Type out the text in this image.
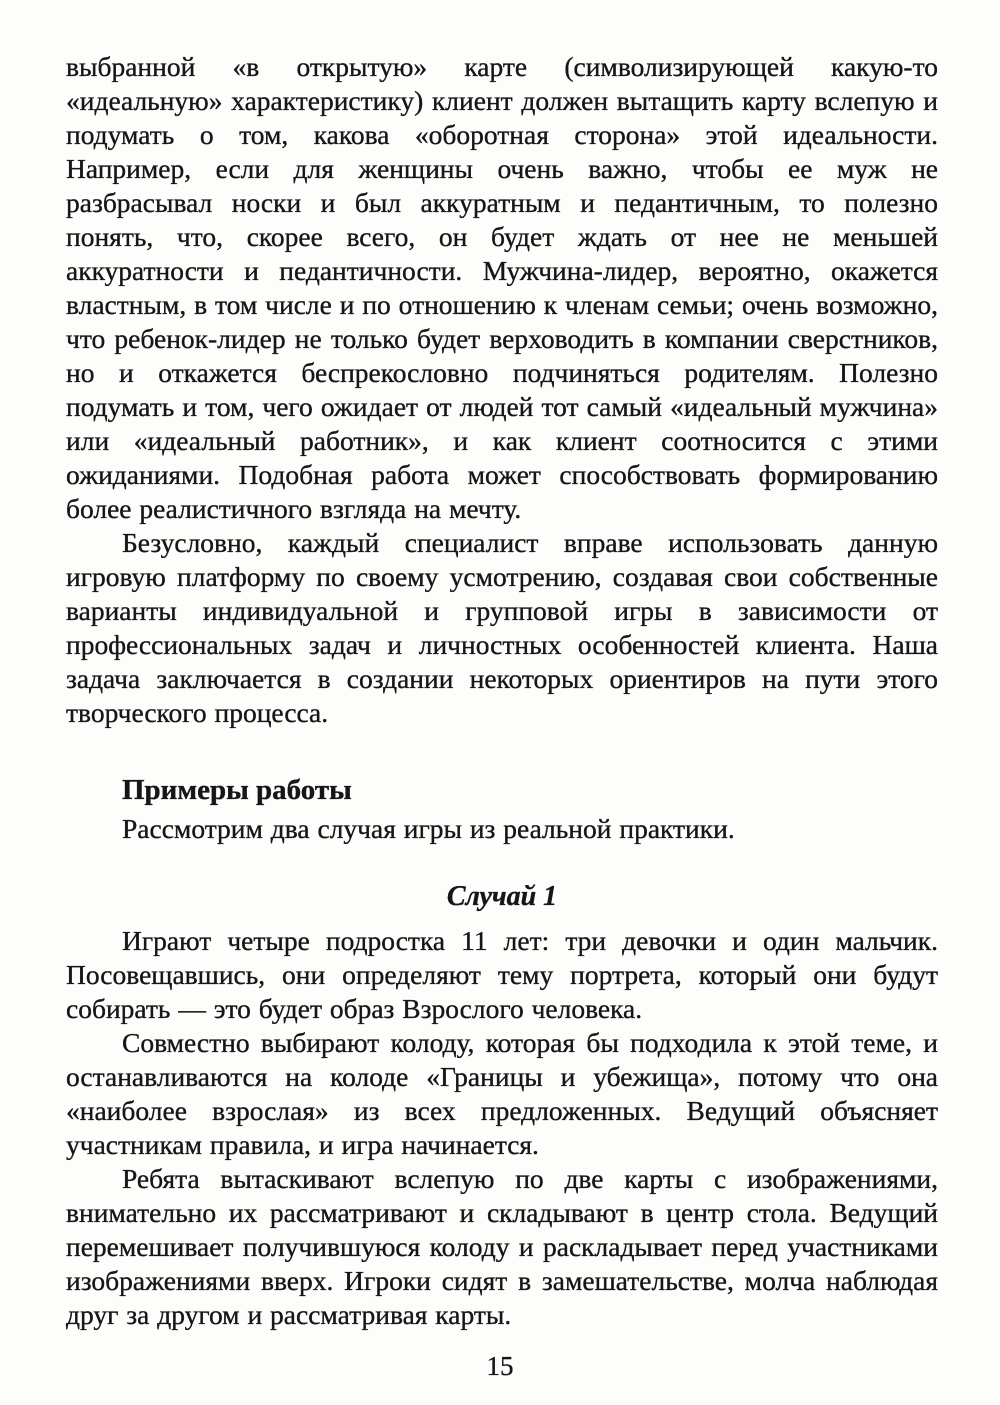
выбранной «в открытую» карте (символизирующей какую-то «идеальную» характеристику) клиент должен вытащить карту вслепую и подумать о том, какова «оборотная сторона» этой идеальности. Например, если для женщины очень важно, чтобы ее муж не разбрасывал носки и был аккуратным и педантичным, то полезно понять, что, скорее всего, он будет ждать от нее не меньшей аккуратности и педантичности. Мужчина-лидер, вероятно, окажется властным, в том числе и по отношению к членам семьи; очень возможно, что ребенок-лидер не только будет верховодить в компании сверстников, но и откажется беспрекословно подчиняться родителям. Полезно подумать и том, чего ожидает от людей тот самый «идеальный мужчина» или «идеальный работник», и как клиент соотносится с этими ожиданиями. Подобная работа может способствовать формированию более реалистичного взгляда на мечту.

Безусловно, каждый специалист вправе использовать данную игровую платформу по своему усмотрению, создавая свои собственные варианты индивидуальной и групповой игры в зависимости от профессиональных задач и личностных особенностей клиента. Наша задача заключается в создании некоторых ориентиров на пути этого творческого процесса.

Примеры работы

Рассмотрим два случая игры из реальной практики.

Случай 1

Играют четыре подростка 11 лет: три девочки и один мальчик. Посовещавшись, они определяют тему портрета, который они будут собирать — это будет образ Взрослого человека.

Совместно выбирают колоду, которая бы подходила к этой теме, и останавливаются на колоде «Границы и убежища», потому что она «наиболее взрослая» из всех предложенных. Ведущий объясняет участникам правила, и игра начинается.

Ребята вытаскивают вслепую по две карты с изображениями, внимательно их рассматривают и складывают в центр стола. Ведущий перемешивает получившуюся колоду и раскладывает перед участниками изображениями вверх. Игроки сидят в замешательстве, молча наблюдая друг за другом и рассматривая карты.

15
